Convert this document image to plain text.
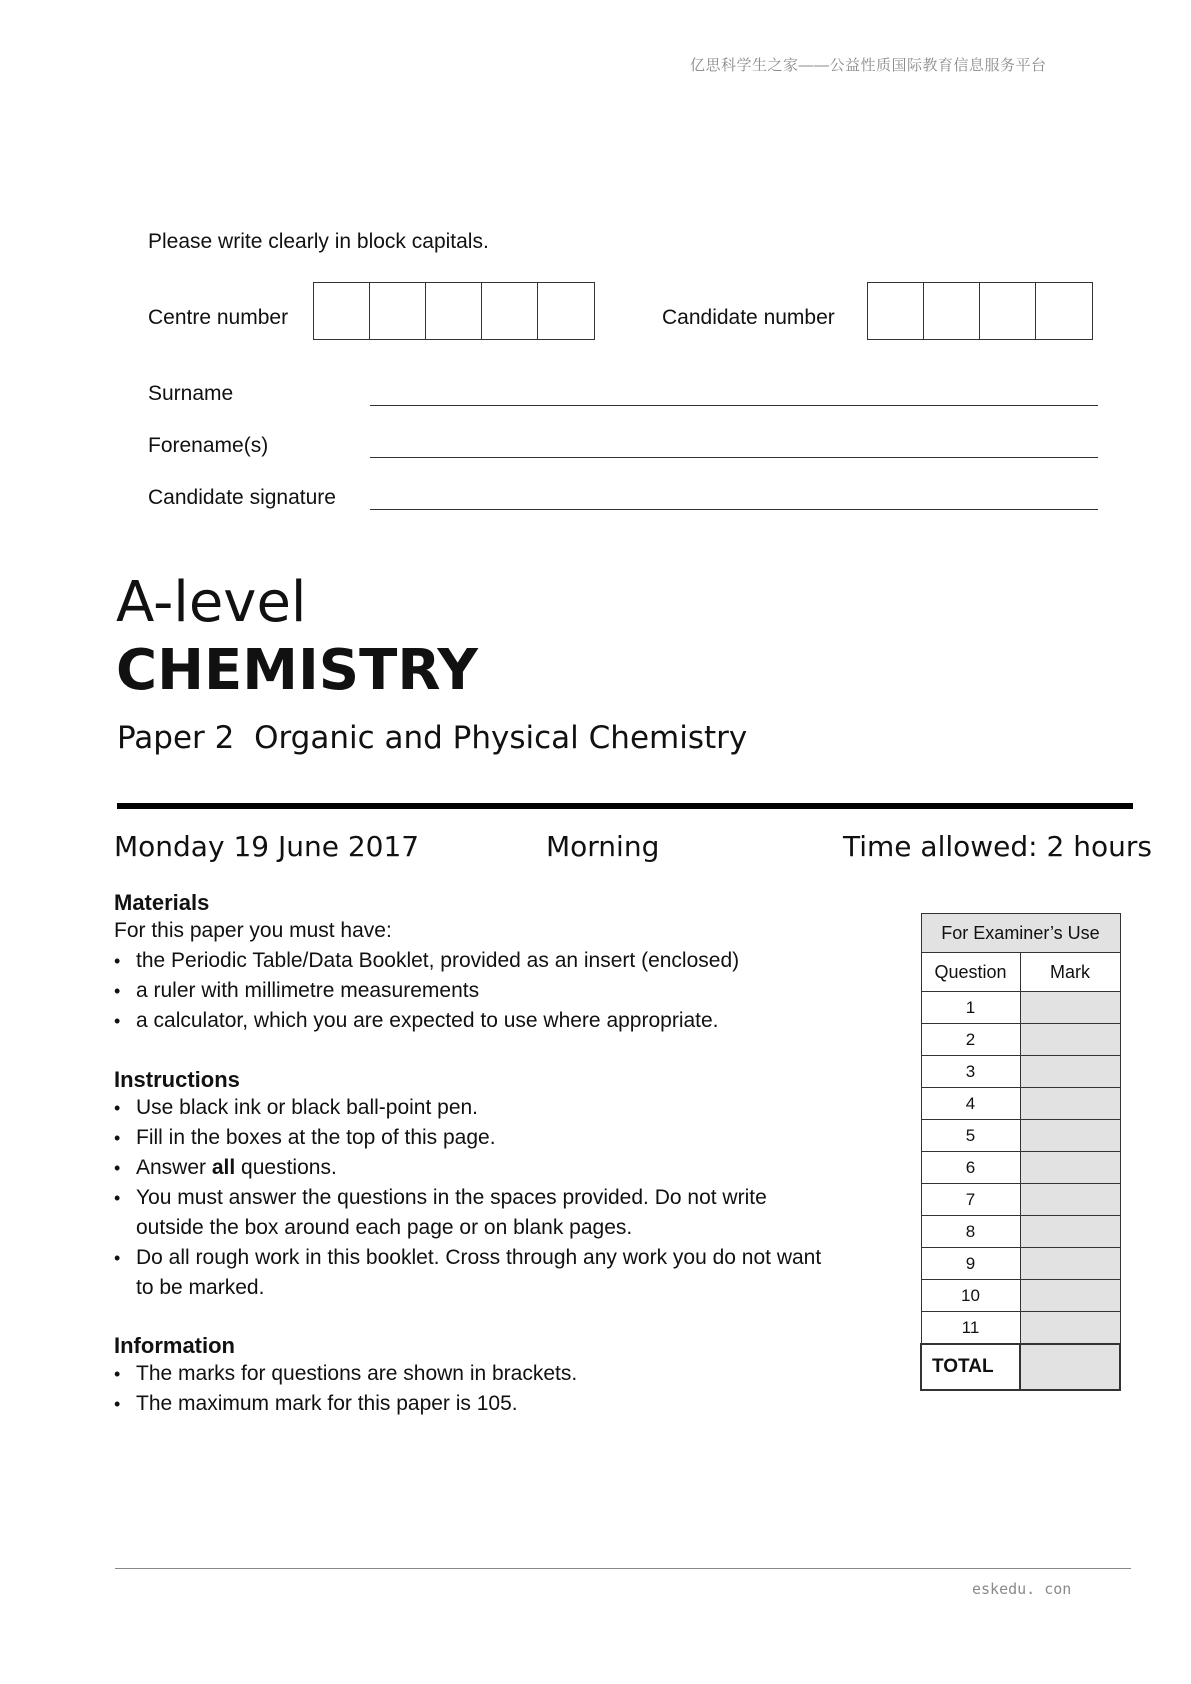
亿思科学生之家——公益性质国际教育信息服务平台
Please write clearly in block capitals.
Centre number	Candidate number
Surname
Forename(s)
Candidate signature
A-level
CHEMISTRY
Paper 2  Organic and Physical Chemistry
Monday 19 June 2017	Morning	Time allowed: 2 hours
Materials
For this paper you must have:
• the Periodic Table/Data Booklet, provided as an insert (enclosed)
• a ruler with millimetre measurements
• a calculator, which you are expected to use where appropriate.
Instructions
• Use black ink or black ball-point pen.
• Fill in the boxes at the top of this page.
• Answer all questions.
• You must answer the questions in the spaces provided. Do not write outside the box around each page or on blank pages.
• Do all rough work in this booklet. Cross through any work you do not want to be marked.
Information
• The marks for questions are shown in brackets.
• The maximum mark for this paper is 105.
For Examiner’s Use	
Question	Mark
1	
2	
3	
4	
5	
6	
7	
8	
9	
10	
11	
TOTAL	
eskedu. con
